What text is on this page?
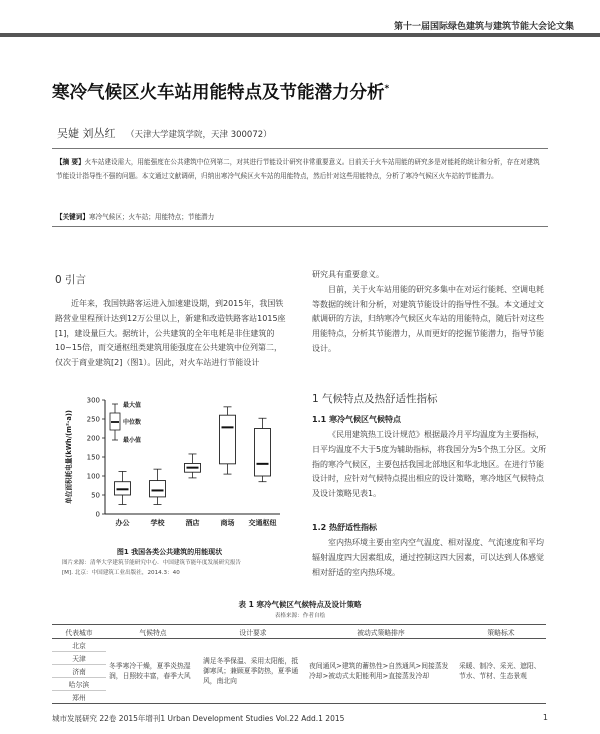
第十一届国际绿色建筑与建筑节能大会论文集
寒冷气候区火车站用能特点及节能潜力分析*
吴婕 刘丛红 （天津大学建筑学院，天津 300072）
【摘 要】火车站建设需大，用能强度在公共建筑中位列第二，对其进行节能设计研究非常重要意义。目前关于火车站用能的研究多是对能耗的统计和分析，存在对建筑节能设计指导性不强的问题。本文通过文献调研，归纳出寒冷气候区火车站的用能特点，然后针对这些用能特点，分析了寒冷气候区火车站的节能潜力。
【关键词】寒冷气候区；火车站；用能特点；节能潜力
0 引言

近年来，我国铁路客运进入加速建设期，到2015年，我国铁路营业里程预计达到12万公里以上，新建和改造铁路客站1015座[1]，建设量巨大。据统计，公共建筑的全年电耗是非住建筑的10~15倍，而交通枢纽类建筑用能强度在公共建筑中位列第二，仅次于商业建筑[2]（图1）。因此，对火车站进行节能设计

0
50
100
150
200
250
300
单位面积耗电量(kWh/(m²·a))
办公	学校	酒店	商场 交通枢纽
最大值
中位数
最小值
图1 我国各类公共建筑的用能现状
图片来源：清华大学建筑节能研究中心．中国建筑节能年度发展研究报告
[M]. 北京：中国建筑工业出版社，2014.3：40
研究具有重要意义。

目前，关于火车站用能的研究多集中在对运行能耗、空调电耗等数据的统计和分析，对建筑节能设计的指导性不强。本文通过文献调研的方法，归纳寒冷气候区火车站的用能特点，随后针对这些用能特点，分析其节能潜力，从而更好的挖掘节能潜力，指导节能设计。

1 气候特点及热舒适性指标
1.1 寒冷气候区气候特点

《民用建筑热工设计规范》根据最冷月平均温度为主要指标，日平均温度不大于5度为辅助指标，将我国分为5个热工分区。文所指的寒冷气候区，主要包括我国北部地区和华北地区。在进行节能设计时，应针对气候特点提出相应的设计策略，寒冷地区气候特点及设计策略见表1。

1.2 热舒适性指标

室内热环境主要由室内空气温度、相对湿度、气流速度和平均辐射温度四大因素组成，通过控制这四大因素，可以达到人体感觉相对舒适的室内热环境。

表 1 寒冷气候区气候特点及设计策略
表格来源：作者自绘
代表城市	气候特点	设计要求	被动式策略排序	策略标术
北京	冬季寒冷干燥，夏季炎热湿润，日照较丰富，春季大风	满足冬季保温、采用太阳能，抵御寒风；兼顾夏季防热，夏季通风，南北向	夜间通风>建筑的蓄热性>自然通风>间接蒸发冷却>被动式太阳能利用>直接蒸发冷却	采暖、制冷、采光、遮阳、节水、节材、生态景观
天津				
济南				
哈尔滨				
郑州				
城市发展研究 22卷 2015年增刊1 Urban Development Studies Vol.22 Add.1 2015	1
